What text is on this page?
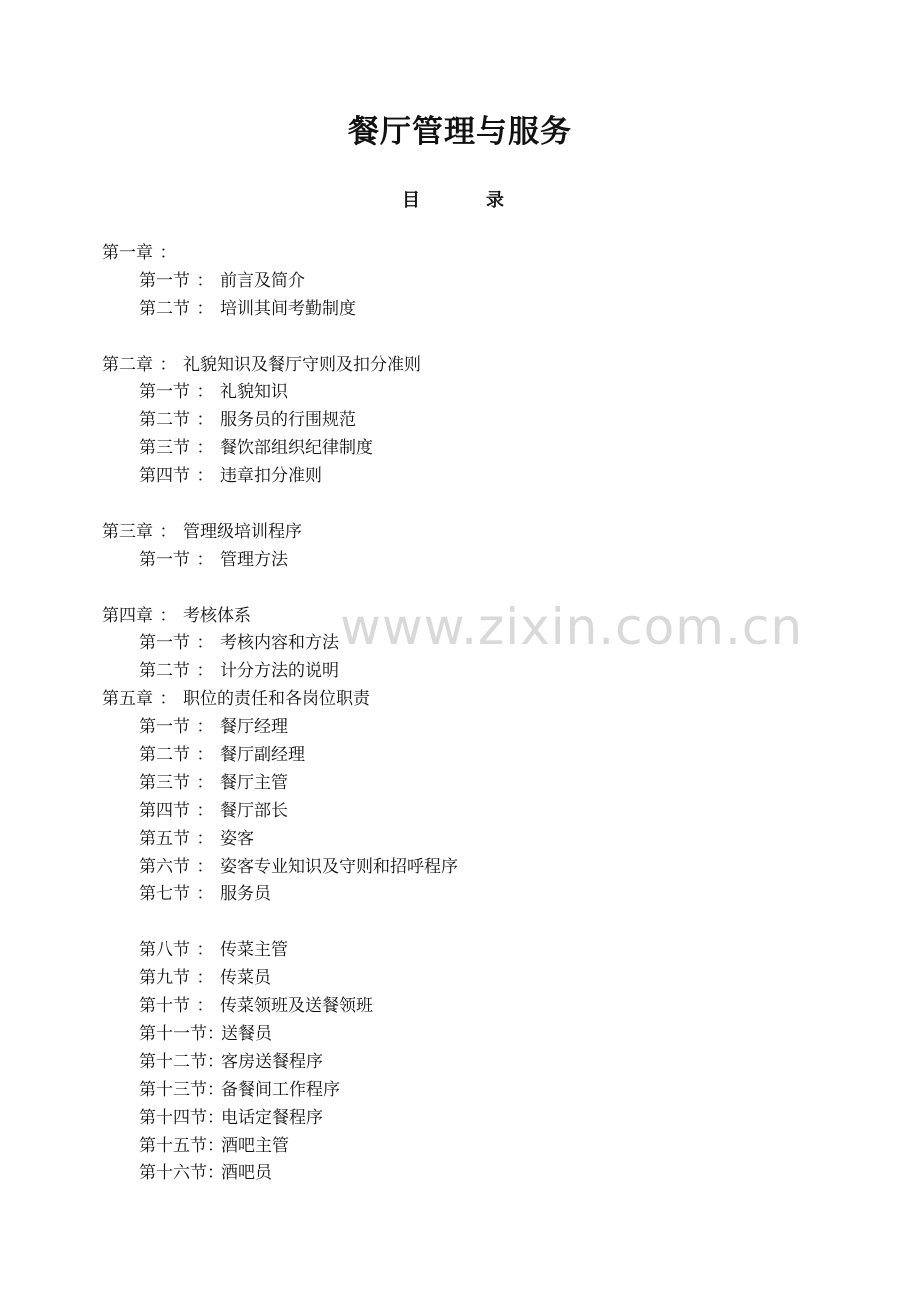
餐厅管理与服务
目	录
第一章 ：
第一节 ： 前言及简介
第二节 ： 培训其间考勤制度
第二章 ： 礼貌知识及餐厅守则及扣分准则
第一节 ： 礼貌知识
第二节 ： 服务员的行围规范
第三节 ： 餐饮部组织纪律制度
第四节 ： 违章扣分准则
第三章 ： 管理级培训程序
第一节 ： 管理方法
第四章 ： 考核体系
第一节 ： 考核内容和方法
第二节 ： 计分方法的说明
第五章 ： 职位的责任和各岗位职责
第一节 ： 餐厅经理
第二节 ： 餐厅副经理
第三节 ： 餐厅主管
第四节 ： 餐厅部长
第五节 ： 姿客
第六节 ： 姿客专业知识及守则和招呼程序
第七节 ： 服务员
第八节 ： 传菜主管
第九节 ： 传菜员
第十节 ： 传菜领班及送餐领班
第十一节：送餐员
第十二节：客房送餐程序
第十三节：备餐间工作程序
第十四节：电话定餐程序
第十五节：酒吧主管
第十六节：酒吧员
www.zixin.com.cn
